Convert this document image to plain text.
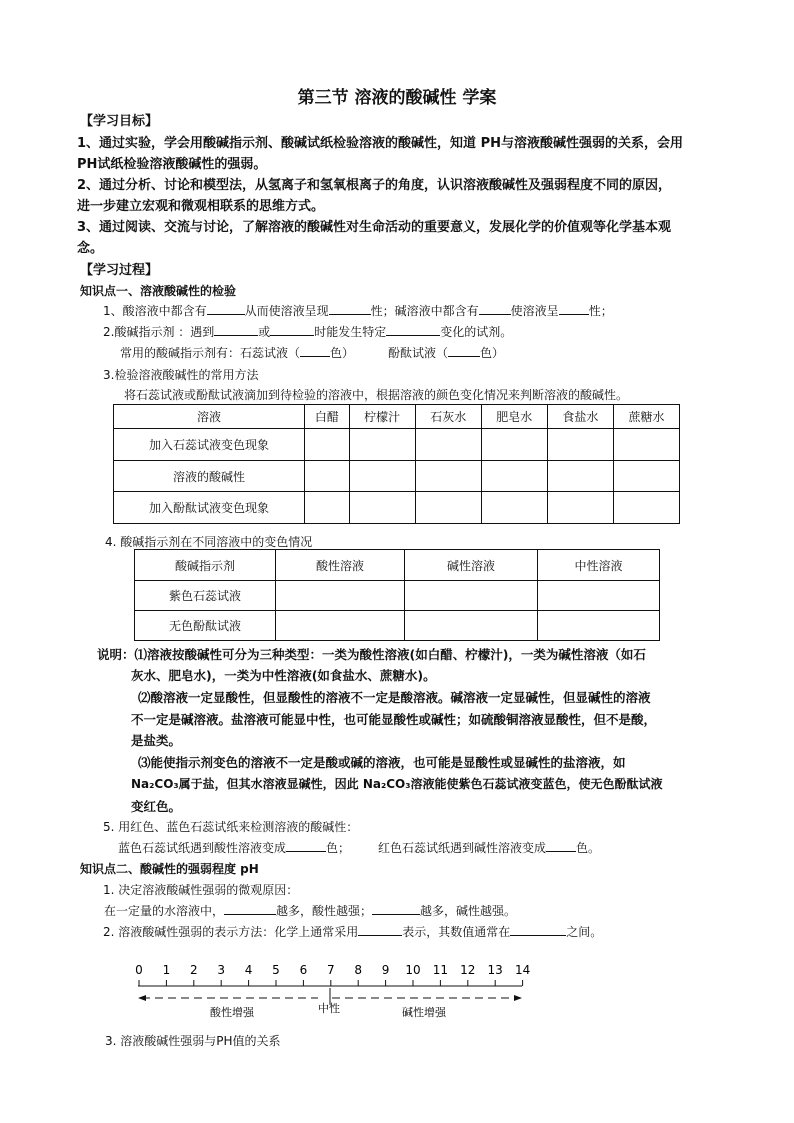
第三节 溶液的酸碱性 学案
【学习目标】
1、通过实验，学会用酸碱指示剂、酸碱试纸检验溶液的酸碱性，知道 PH与溶液酸碱性强弱的关系，会用
PH试纸检验溶液酸碱性的强弱。
2、通过分析、讨论和模型法，从氢离子和氢氧根离子的角度，认识溶液酸碱性及强弱程度不同的原因，
进一步建立宏观和微观相联系的思维方式。
3、通过阅读、交流与讨论，了解溶液的酸碱性对生命活动的重要意义，发展化学的价值观等化学基本观
念。
【学习过程】
知识点一、溶液酸碱性的检验
1、酸溶液中都含有	从而使溶液呈现	性；碱溶液中都含有	使溶液呈	性；
2.酸碱指示剂 ：遇到	或	时能发生特定	变化的试剂。
常用的酸碱指示剂有：石蕊试液（	色）	酚酞试液（	色）
3.检验溶液酸碱性的常用方法
将石蕊试液或酚酞试液滴加到待检验的溶液中，根据溶液的颜色变化情况来判断溶液的酸碱性。
溶液	白醋	柠檬汁	石灰水	肥皂水	食盐水	蔗糖水
加入石蕊试液变色现象						
溶液的酸碱性						
加入酚酞试液变色现象						
4. 酸碱指示剂在不同溶液中的变色情况
酸碱指示剂	酸性溶液	碱性溶液	中性溶液
紫色石蕊试液			
无色酚酞试液			
说明：⑴溶液按酸碱性可分为三种类型：一类为酸性溶液(如白醋、柠檬汁)，一类为碱性溶液（如石
灰水、肥皂水)，一类为中性溶液(如食盐水、蔗糖水)。
⑵酸溶液一定显酸性，但显酸性的溶液不一定是酸溶液。碱溶液一定显碱性，但显碱性的溶液
不一定是碱溶液。盐溶液可能显中性，也可能显酸性或碱性；如硫酸铜溶液显酸性，但不是酸，
是盐类。
⑶能使指示剂变色的溶液不一定是酸或碱的溶液，也可能是显酸性或显碱性的盐溶液，如
Na₂CO₃属于盐，但其水溶液显碱性，因此 Na₂CO₃溶液能使紫色石蕊试液变蓝色，使无色酚酞试液
变红色。
5. 用红色、蓝色石蕊试纸来检测溶液的酸碱性：
蓝色石蕊试纸遇到酸性溶液变成	色； 红色石蕊试纸遇到碱性溶液变成	色。
知识点二、酸碱性的强弱程度 pH
1. 决定溶液酸碱性强弱的微观原因：
在一定量的水溶液中，	越多，酸性越强；	越多，碱性越强。
2. 溶液酸碱性强弱的表示方法：化学上通常采用	表示，其数值通常在	之间。
0 1 2 3 4 5 6 7 8 9 10 11 12 13 14
酸性增强	中性	碱性增强
3. 溶液酸碱性强弱与PH值的关系
